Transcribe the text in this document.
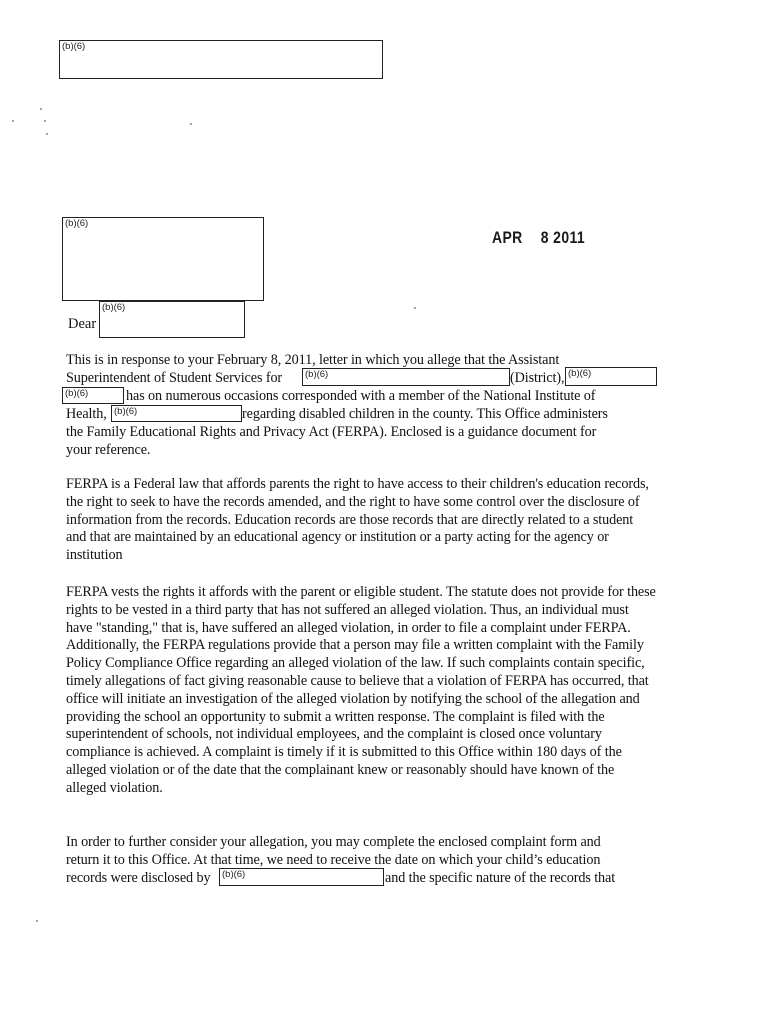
(b)(6)
(b)(6)
APR 8 2011
(b)(6)
Dear
This is in response to your February 8, 2011, letter in which you allege that the Assistant
Superintendent of Student Services for (b)(6)	(District), (b)(6)
(b)(6)	has on numerous occasions corresponded with a member of the National Institute of
Health, (b)(6)	regarding disabled children in the county. This Office administers
the Family Educational Rights and Privacy Act (FERPA). Enclosed is a guidance document for
your reference.
FERPA is a Federal law that affords parents the right to have access to their children's education records, the right to seek to have the records amended, and the right to have some control over the disclosure of information from the records. Education records are those records that are directly related to a student and that are maintained by an educational agency or institution or a party acting for the agency or institution
FERPA vests the rights it affords with the parent or eligible student. The statute does not provide for these rights to be vested in a third party that has not suffered an alleged violation. Thus, an individual must have "standing," that is, have suffered an alleged violation, in order to file a complaint under FERPA. Additionally, the FERPA regulations provide that a person may file a written complaint with the Family Policy Compliance Office regarding an alleged violation of the law. If such complaints contain specific, timely allegations of fact giving reasonable cause to believe that a violation of FERPA has occurred, that office will initiate an investigation of the alleged violation by notifying the school of the allegation and providing the school an opportunity to submit a written response. The complaint is filed with the superintendent of schools, not individual employees, and the complaint is closed once voluntary compliance is achieved. A complaint is timely if it is submitted to this Office within 180 days of the alleged violation or of the date that the complainant knew or reasonably should have known of the alleged violation.
In order to further consider your allegation, you may complete the enclosed complaint form and
return it to this Office. At that time, we need to receive the date on which your child’s education
records were disclosed by (b)(6)	and the specific nature of the records that
